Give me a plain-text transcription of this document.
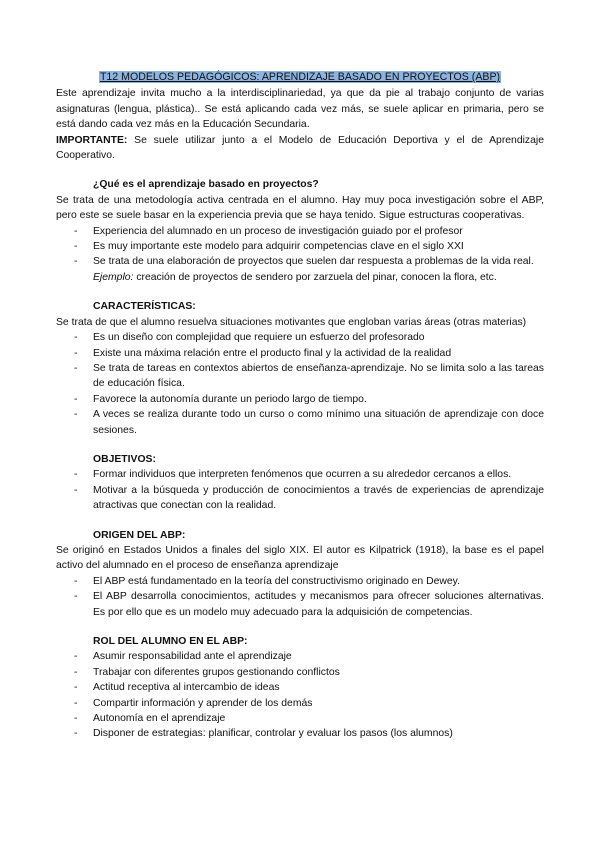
T12 MODELOS PEDAGÓGICOS: APRENDIZAJE BASADO EN PROYECTOS (ABP)

Este aprendizaje invita mucho a la interdisciplinariedad, ya que da pie al trabajo conjunto de varias asignaturas (lengua, plástica).. Se está aplicando cada vez más, se suele aplicar en primaria, pero se está dando cada vez más en la Educación Secundaria.

IMPORTANTE: Se suele utilizar junto a el Modelo de Educación Deportiva y el de Aprendizaje Cooperativo.

¿Qué es el aprendizaje basado en proyectos?

Se trata de una metodología activa centrada en el alumno. Hay muy poca investigación sobre el ABP, pero este se suele basar en la experiencia previa que se haya tenido. Sigue estructuras cooperativas.

- Experiencia del alumnado en un proceso de investigación guiado por el profesor
- Es muy importante este modelo para adquirir competencias clave en el siglo XXI
- Se trata de una elaboración de proyectos que suelen dar respuesta a problemas de la vida real.

Ejemplo: creación de proyectos de sendero por zarzuela del pinar, conocen la flora, etc.

CARACTERÍSTICAS:

Se trata de que el alumno resuelva situaciones motivantes que engloban varias áreas (otras materias)

- Es un diseño con complejidad que requiere un esfuerzo del profesorado
- Existe una máxima relación entre el producto final y la actividad de la realidad
- Se trata de tareas en contextos abiertos de enseñanza-aprendizaje. No se limita solo a las tareas de educación física.
- Favorece la autonomía durante un periodo largo de tiempo.
- A veces se realiza durante todo un curso o como mínimo una situación de aprendizaje con doce sesiones.

OBJETIVOS:

- Formar individuos que interpreten fenómenos que ocurren a su alrededor cercanos a ellos.
- Motivar a la búsqueda y producción de conocimientos a través de experiencias de aprendizaje atractivas que conectan con la realidad.

ORIGEN DEL ABP:

Se originó en Estados Unidos a finales del siglo XIX. El autor es Kilpatrick (1918), la base es el papel activo del alumnado en el proceso de enseñanza aprendizaje

- El ABP está fundamentado en la teoría del constructivismo originado en Dewey.
- El ABP desarrolla conocimientos, actitudes y mecanismos para ofrecer soluciones alternativas. Es por ello que es un modelo muy adecuado para la adquisición de competencias.

ROL DEL ALUMNO EN EL ABP:

- Asumir responsabilidad ante el aprendizaje
- Trabajar con diferentes grupos gestionando conflictos
- Actitud receptiva al intercambio de ideas
- Compartir información y aprender de los demás
- Autonomía en el aprendizaje
- Disponer de estrategias: planificar, controlar y evaluar los pasos (los alumnos)
